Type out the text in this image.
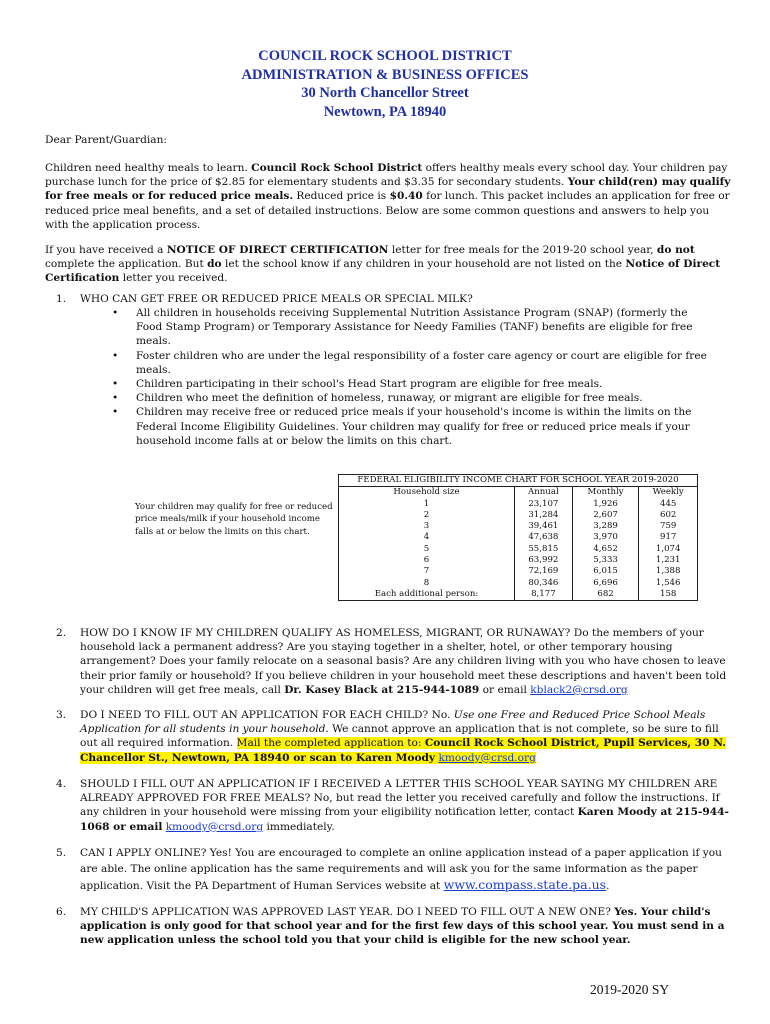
COUNCIL ROCK SCHOOL DISTRICT
ADMINISTRATION & BUSINESS OFFICES
30 North Chancellor Street
Newtown, PA 18940
Dear Parent/Guardian:
Children need healthy meals to learn. Council Rock School District offers healthy meals every school day. Your children pay purchase lunch for the price of $2.85 for elementary students and $3.35 for secondary students. Your child(ren) may qualify for free meals or for reduced price meals. Reduced price is $0.40 for lunch. This packet includes an application for free or reduced price meal benefits, and a set of detailed instructions. Below are some common questions and answers to help you with the application process.
If you have received a NOTICE OF DIRECT CERTIFICATION letter for free meals for the 2019-20 school year, do not complete the application. But do let the school know if any children in your household are not listed on the Notice of Direct Certification letter you received.
1. WHO CAN GET FREE OR REDUCED PRICE MEALS OR SPECIAL MILK?
• All children in households receiving Supplemental Nutrition Assistance Program (SNAP) (formerly the Food Stamp Program) or Temporary Assistance for Needy Families (TANF) benefits are eligible for free meals.
• Foster children who are under the legal responsibility of a foster care agency or court are eligible for free meals.
• Children participating in their school's Head Start program are eligible for free meals.
• Children who meet the definition of homeless, runaway, or migrant are eligible for free meals.
• Children may receive free or reduced price meals if your household's income is within the limits on the Federal Income Eligibility Guidelines. Your children may qualify for free or reduced price meals if your household income falls at or below the limits on this chart.
Your children may qualify for free or reduced price meals/milk if your household income falls at or below the limits on this chart.
FEDERAL ELIGIBILITY INCOME CHART FOR SCHOOL YEAR 2019-2020			
Household size	Annual	Monthly	Weekly
1	23,107	1,926	445
2	31,284	2,607	602
3	39,461	3,289	759
4	47,638	3,970	917
5	55,815	4,652	1,074
6	63,992	5,333	1,231
7	72,169	6,015	1,388
8	80,346	6,696	1,546
Each additional person:	8,177	682	158
2. HOW DO I KNOW IF MY CHILDREN QUALIFY AS HOMELESS, MIGRANT, OR RUNAWAY? Do the members of your household lack a permanent address? Are you staying together in a shelter, hotel, or other temporary housing arrangement? Does your family relocate on a seasonal basis? Are any children living with you who have chosen to leave their prior family or household? If you believe children in your household meet these descriptions and haven't been told your children will get free meals, call Dr. Kasey Black at 215-944-1089 or email kblack2@crsd.org
3. DO I NEED TO FILL OUT AN APPLICATION FOR EACH CHILD? No. Use one Free and Reduced Price School Meals Application for all students in your household. We cannot approve an application that is not complete, so be sure to fill out all required information. Mail the completed application to: Council Rock School District, Pupil Services, 30 N. Chancellor St., Newtown, PA 18940 or scan to Karen Moody kmoody@crsd.org
4. SHOULD I FILL OUT AN APPLICATION IF I RECEIVED A LETTER THIS SCHOOL YEAR SAYING MY CHILDREN ARE ALREADY APPROVED FOR FREE MEALS? No, but read the letter you received carefully and follow the instructions. If any children in your household were missing from your eligibility notification letter, contact Karen Moody at 215-944-1068 or email kmoody@crsd.org immediately.
5. CAN I APPLY ONLINE? Yes! You are encouraged to complete an online application instead of a paper application if you are able. The online application has the same requirements and will ask you for the same information as the paper application. Visit the PA Department of Human Services website at www.compass.state.pa.us.
6. MY CHILD'S APPLICATION WAS APPROVED LAST YEAR. DO I NEED TO FILL OUT A NEW ONE? Yes. Your child's application is only good for that school year and for the first few days of this school year. You must send in a new application unless the school told you that your child is eligible for the new school year.
2019-2020 SY
